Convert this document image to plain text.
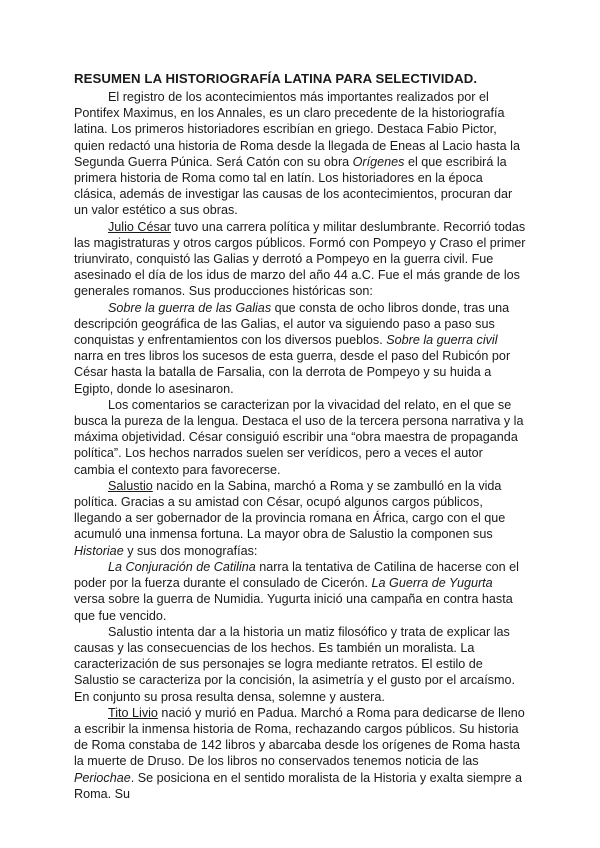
RESUMEN LA HISTORIOGRAFÍA LATINA PARA SELECTIVIDAD.

El registro de los acontecimientos más importantes realizados por el Pontifex Maximus, en los Annales, es un claro precedente de la historiografía latina. Los primeros historiadores escribían en griego. Destaca Fabio Pictor, quien redactó una historia de Roma desde la llegada de Eneas al Lacio hasta la Segunda Guerra Púnica. Será Catón con su obra Orígenes el que escribirá la primera historia de Roma como tal en latín. Los historiadores en la época clásica, además de investigar las causas de los acontecimientos, procuran dar un valor estético a sus obras.

Julio César tuvo una carrera política y militar deslumbrante. Recorrió todas las magistraturas y otros cargos públicos. Formó con Pompeyo y Craso el primer triunvirato, conquistó las Galias y derrotó a Pompeyo en la guerra civil. Fue asesinado el día de los idus de marzo del año 44 a.C. Fue el más grande de los generales romanos. Sus producciones históricas son:

Sobre la guerra de las Galias que consta de ocho libros donde, tras una descripción geográfica de las Galias, el autor va siguiendo paso a paso sus conquistas y enfrentamientos con los diversos pueblos. Sobre la guerra civil narra en tres libros los sucesos de esta guerra, desde el paso del Rubicón por César hasta la batalla de Farsalia, con la derrota de Pompeyo y su huida a Egipto, donde lo asesinaron.

Los comentarios se caracterizan por la vivacidad del relato, en el que se busca la pureza de la lengua. Destaca el uso de la tercera persona narrativa y la máxima objetividad. César consiguió escribir una “obra maestra de propaganda política”. Los hechos narrados suelen ser verídicos, pero a veces el autor cambia el contexto para favorecerse.

Salustio nacido en la Sabina, marchó a Roma y se zambulló en la vida política. Gracias a su amistad con César, ocupó algunos cargos públicos, llegando a ser gobernador de la provincia romana en África, cargo con el que acumuló una inmensa fortuna. La mayor obra de Salustio la componen sus Historiae y sus dos monografías:

La Conjuración de Catilina narra la tentativa de Catilina de hacerse con el poder por la fuerza durante el consulado de Cicerón. La Guerra de Yugurta versa sobre la guerra de Numidia. Yugurta inició una campaña en contra hasta que fue vencido.

Salustio intenta dar a la historia un matiz filosófico y trata de explicar las causas y las consecuencias de los hechos. Es también un moralista. La caracterización de sus personajes se logra mediante retratos. El estilo de Salustio se caracteriza por la concisión, la asimetría y el gusto por el arcaísmo. En conjunto su prosa resulta densa, solemne y austera.

Tito Livio nació y murió en Padua. Marchó a Roma para dedicarse de lleno a escribir la inmensa historia de Roma, rechazando cargos públicos. Su historia de Roma constaba de 142 libros y abarcaba desde los orígenes de Roma hasta la muerte de Druso. De los libros no conservados tenemos noticia de las Periochae. Se posiciona en el sentido moralista de la Historia y exalta siempre a Roma. Su
